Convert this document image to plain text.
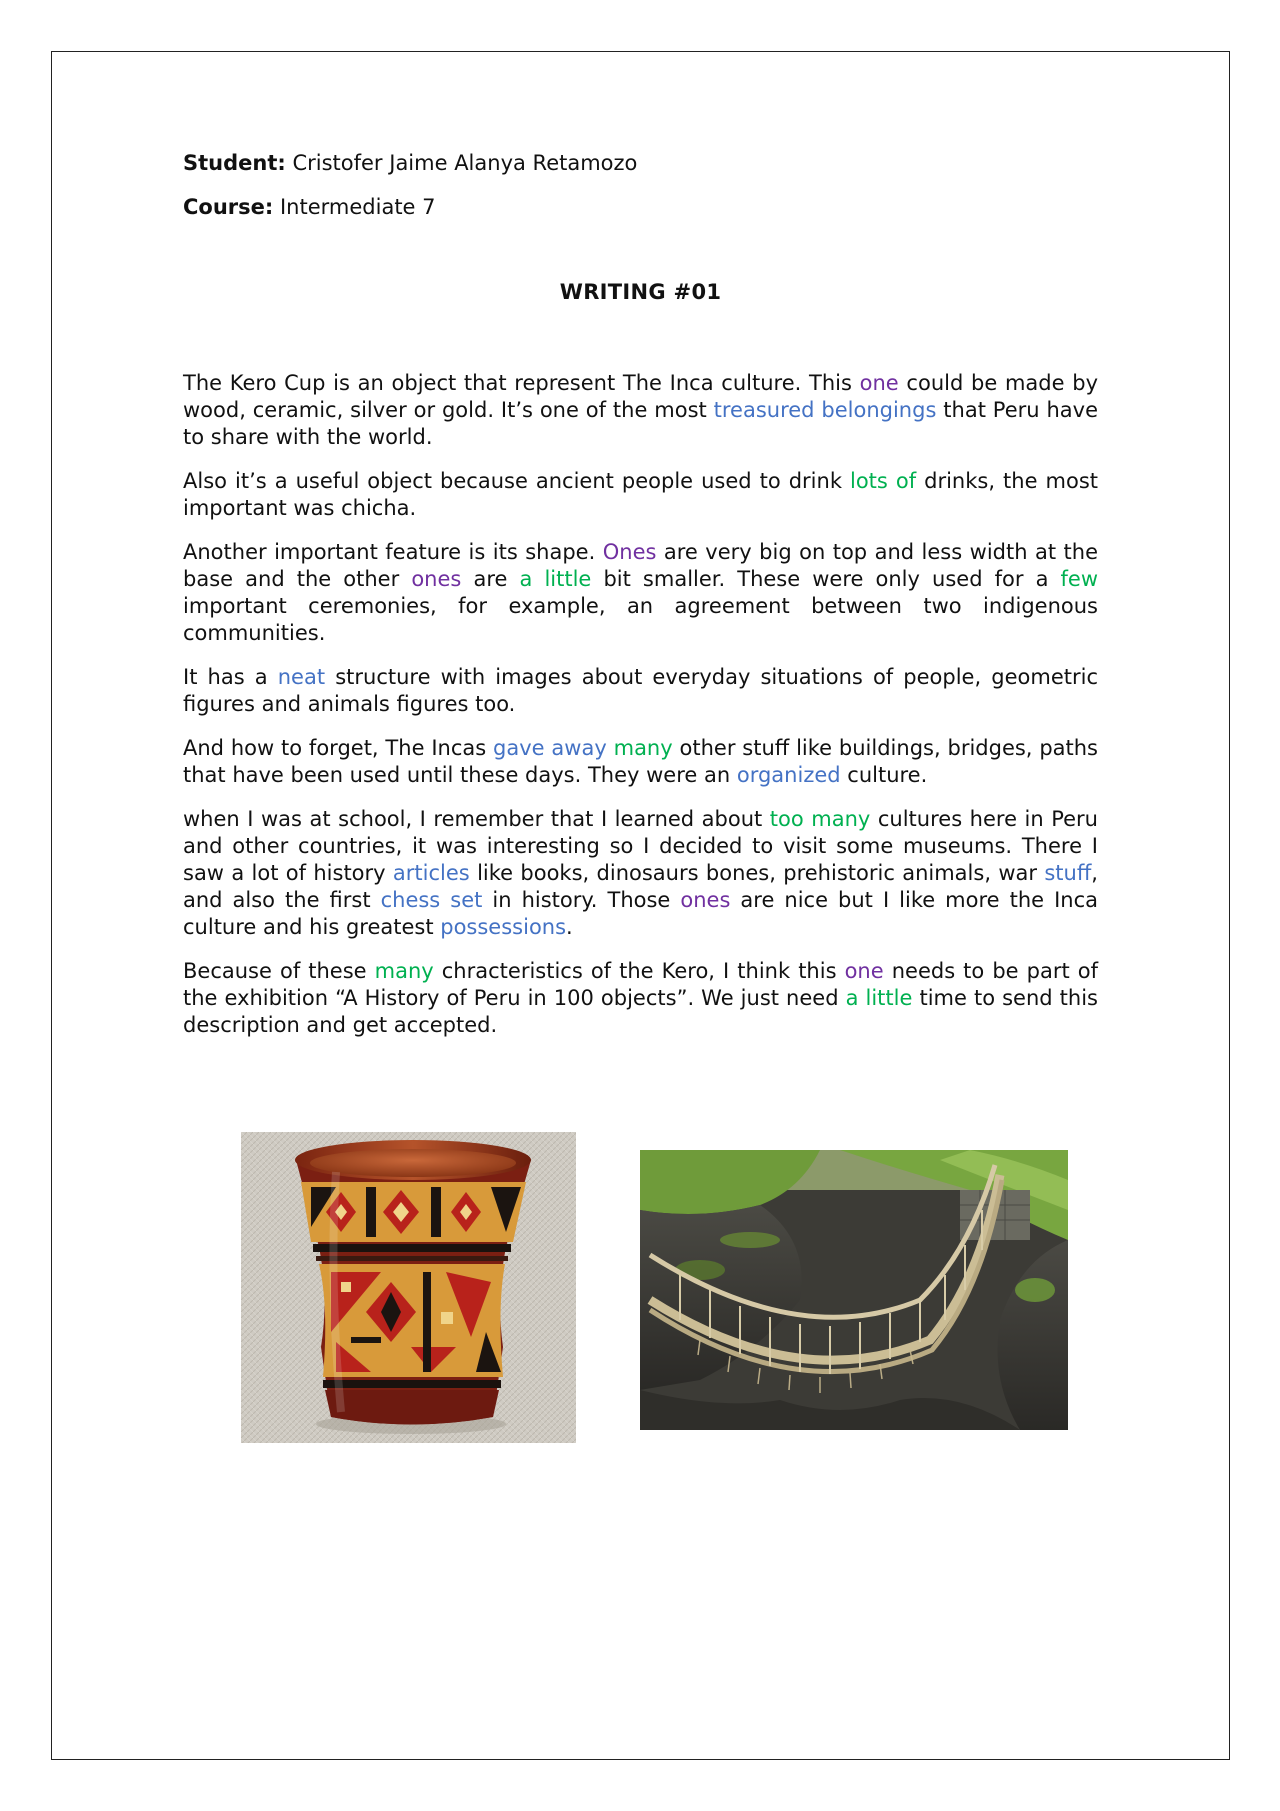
Student: Cristofer Jaime Alanya Retamozo

Course: Intermediate 7

WRITING #01

The Kero Cup is an object that represent The Inca culture. This one could be made by wood, ceramic, silver or gold. It’s one of the most treasured belongings that Peru have to share with the world.

Also it’s a useful object because ancient people used to drink lots of drinks, the most important was chicha.

Another important feature is its shape. Ones are very big on top and less width at the base and the other ones are a little bit smaller. These were only used for a few important ceremonies, for example, an agreement between two indigenous communities.

It has a neat structure with images about everyday situations of people, geometric figures and animals figures too.

And how to forget, The Incas gave away many other stuff like buildings, bridges, paths that have been used until these days. They were an organized culture.

when I was at school, I remember that I learned about too many cultures here in Peru and other countries, it was interesting so I decided to visit some museums. There I saw a lot of history articles like books, dinosaurs bones, prehistoric animals, war stuff, and also the first chess set in history. Those ones are nice but I like more the Inca culture and his greatest possessions.

Because of these many chracteristics of the Kero, I think this one needs to be part of the exhibition “A History of Peru in 100 objects”. We just need a little time to send this description and get accepted.
